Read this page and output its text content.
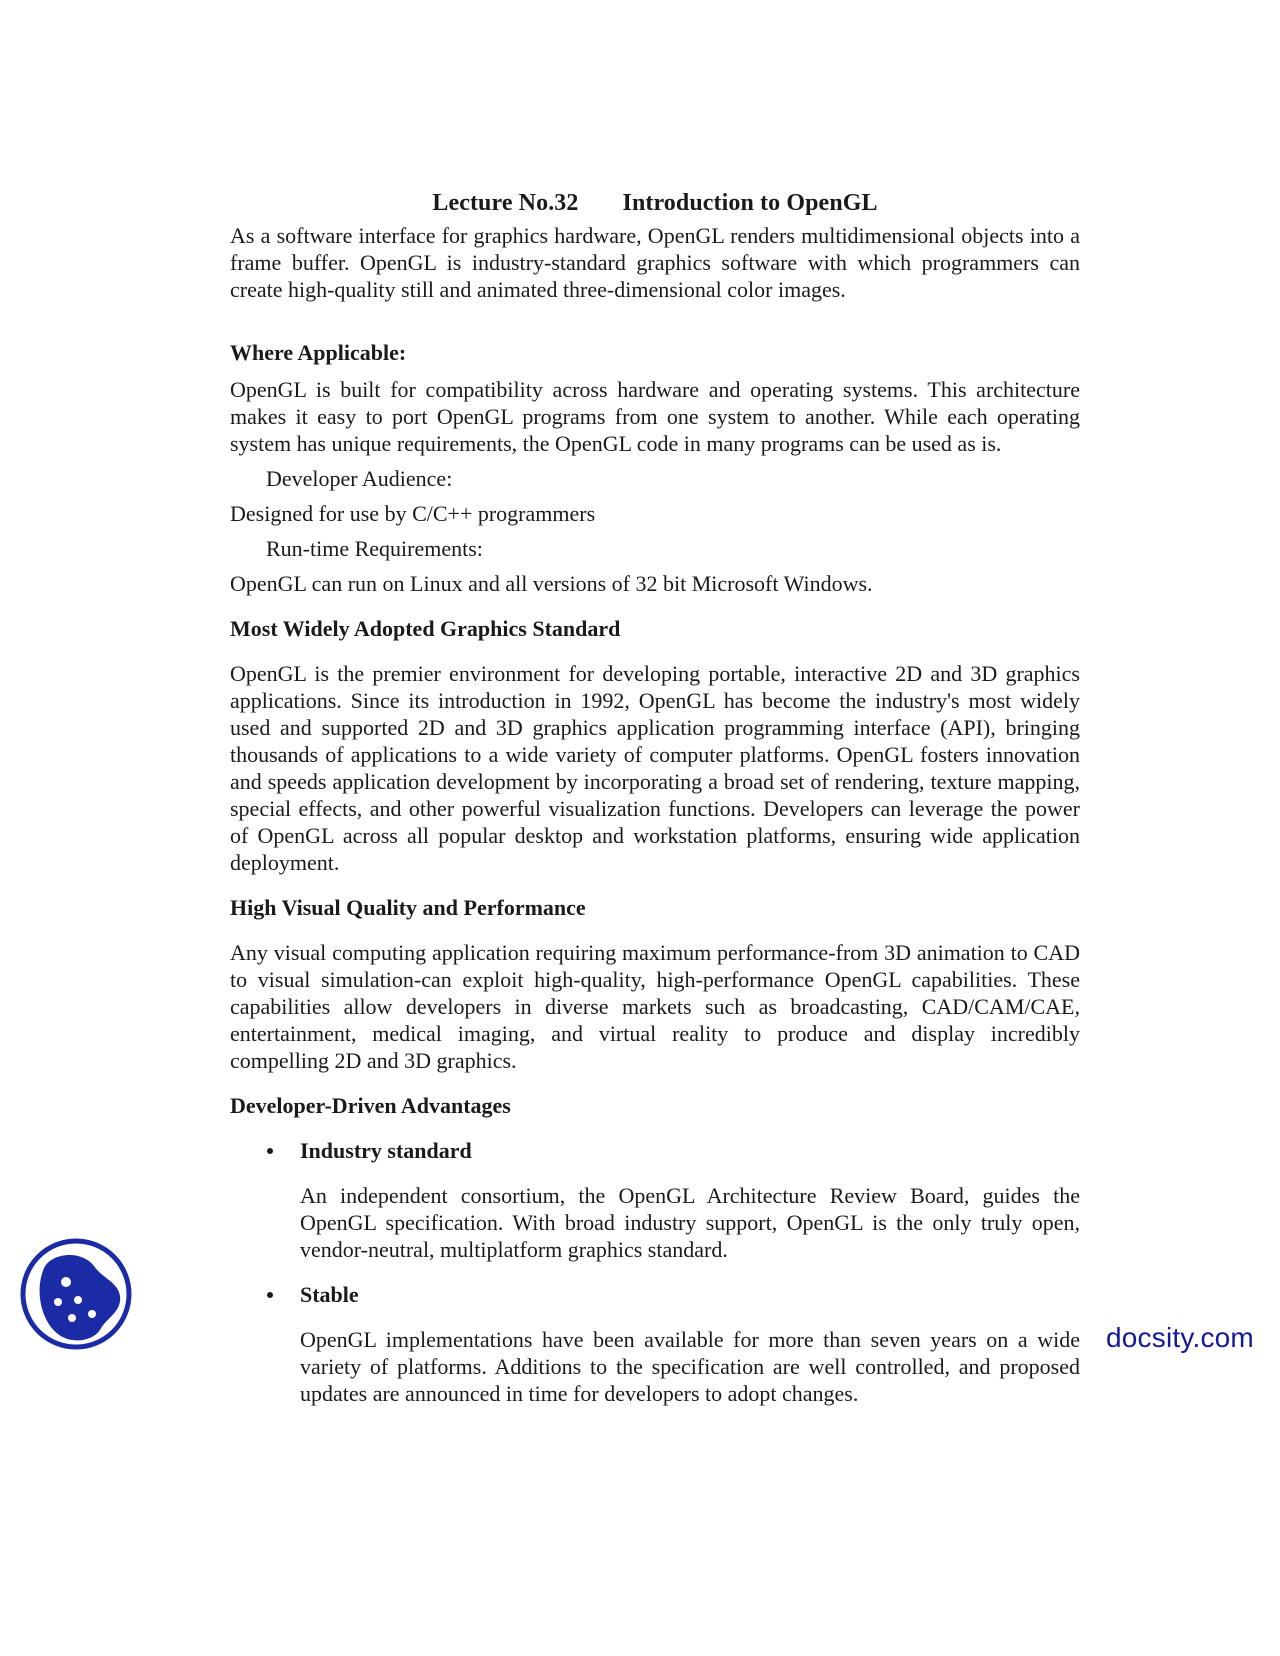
Lecture No.32 Introduction to OpenGL

As a software interface for graphics hardware, OpenGL renders multidimensional objects into a frame buffer. OpenGL is industry-standard graphics software with which programmers can create high-quality still and animated three-dimensional color images.

Where Applicable:

OpenGL is built for compatibility across hardware and operating systems. This architecture makes it easy to port OpenGL programs from one system to another. While each operating system has unique requirements, the OpenGL code in many programs can be used as is.

Developer Audience:
Designed for use by C/C++ programmers
Run-time Requirements:
OpenGL can run on Linux and all versions of 32 bit Microsoft Windows.
Most Widely Adopted Graphics Standard

OpenGL is the premier environment for developing portable, interactive 2D and 3D graphics applications. Since its introduction in 1992, OpenGL has become the industry's most widely used and supported 2D and 3D graphics application programming interface (API), bringing thousands of applications to a wide variety of computer platforms. OpenGL fosters innovation and speeds application development by incorporating a broad set of rendering, texture mapping, special effects, and other powerful visualization functions. Developers can leverage the power of OpenGL across all popular desktop and workstation platforms, ensuring wide application deployment.

High Visual Quality and Performance

Any visual computing application requiring maximum performance-from 3D animation to CAD to visual simulation-can exploit high-quality, high-performance OpenGL capabilities. These capabilities allow developers in diverse markets such as broadcasting, CAD/CAM/CAE, entertainment, medical imaging, and virtual reality to produce and display incredibly compelling 2D and 3D graphics.

Developer-Driven Advantages
Industry standard

An independent consortium, the OpenGL Architecture Review Board, guides the OpenGL specification. With broad industry support, OpenGL is the only truly open, vendor-neutral, multiplatform graphics standard.

Stable

OpenGL implementations have been available for more than seven years on a wide variety of platforms. Additions to the specification are well controlled, and proposed updates are announced in time for developers to adopt changes.

docsity.com
